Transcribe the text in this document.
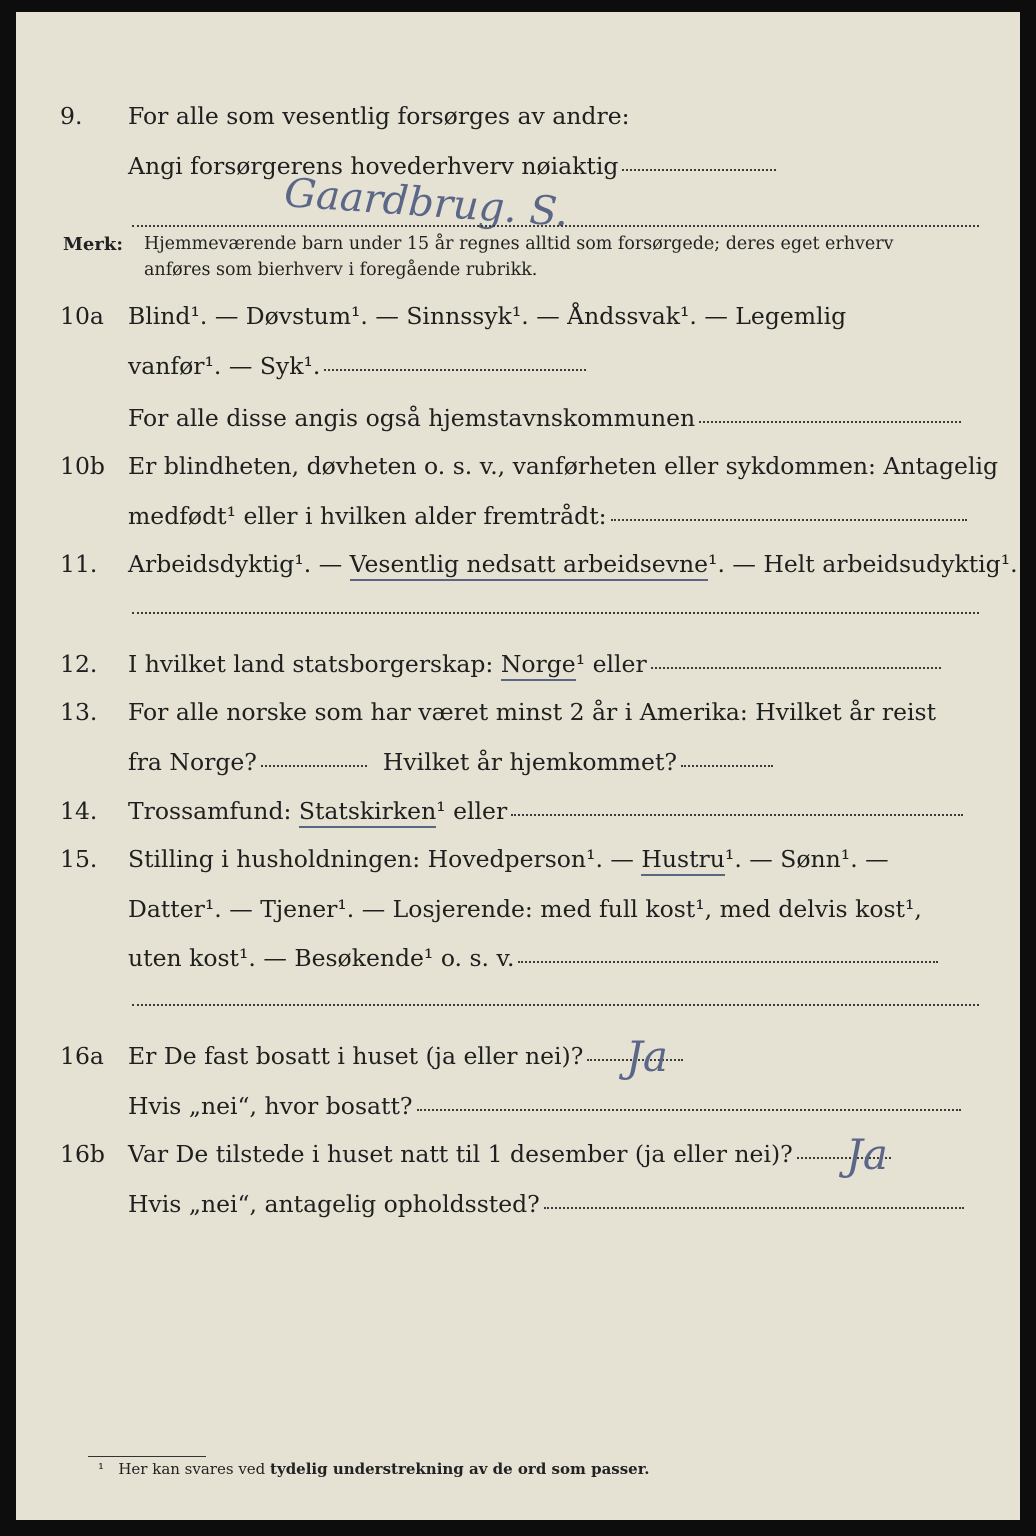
9. For alle som vesentlig forsørges av andre:
Angi forsørgerens hovederhverv nøiaktig
Gaardbrug. S.
Merk: Hjemmeværende barn under 15 år regnes alltid som forsørgede; deres eget erhverv
anføres som bierhverv i foregående rubrikk.
10a Blind¹. — Døvstum¹. — Sinnssyk¹. — Åndssvak¹. — Legemlig
vanfør¹. — Syk¹.
For alle disse angis også hjemstavnskommunen
10b Er blindheten, døvheten o. s. v., vanførheten eller sykdommen: Antagelig
medfødt¹ eller i hvilken alder fremtrådt:
11. Arbeidsdyktig¹. — Vesentlig nedsatt arbeidsevne ¹. — Helt arbeidsudyktig¹.
12. I hvilket land statsborgerskap: Norge ¹ eller
13. For alle norske som har været minst 2 år i Amerika: Hvilket år reist
fra Norge?	Hvilket år hjemkommet?
14. Trossamfund: Statskirken ¹ eller
15. Stilling i husholdningen: Hovedperson¹. — Hustru ¹. — Sønn¹. —
Datter¹. — Tjener¹. — Losjerende: med full kost¹, med delvis kost¹,
uten kost¹. — Besøkende¹ o. s. v.
16a Er De fast bosatt i huset (ja eller nei)? Ja
Hvis „nei“, hvor bosatt?
16b Var De tilstede i huset natt til 1 desember (ja eller nei)? Ja
Hvis „nei“, antagelig opholdssted?
¹ Her kan svares ved tydelig understrekning av de ord som passer.
